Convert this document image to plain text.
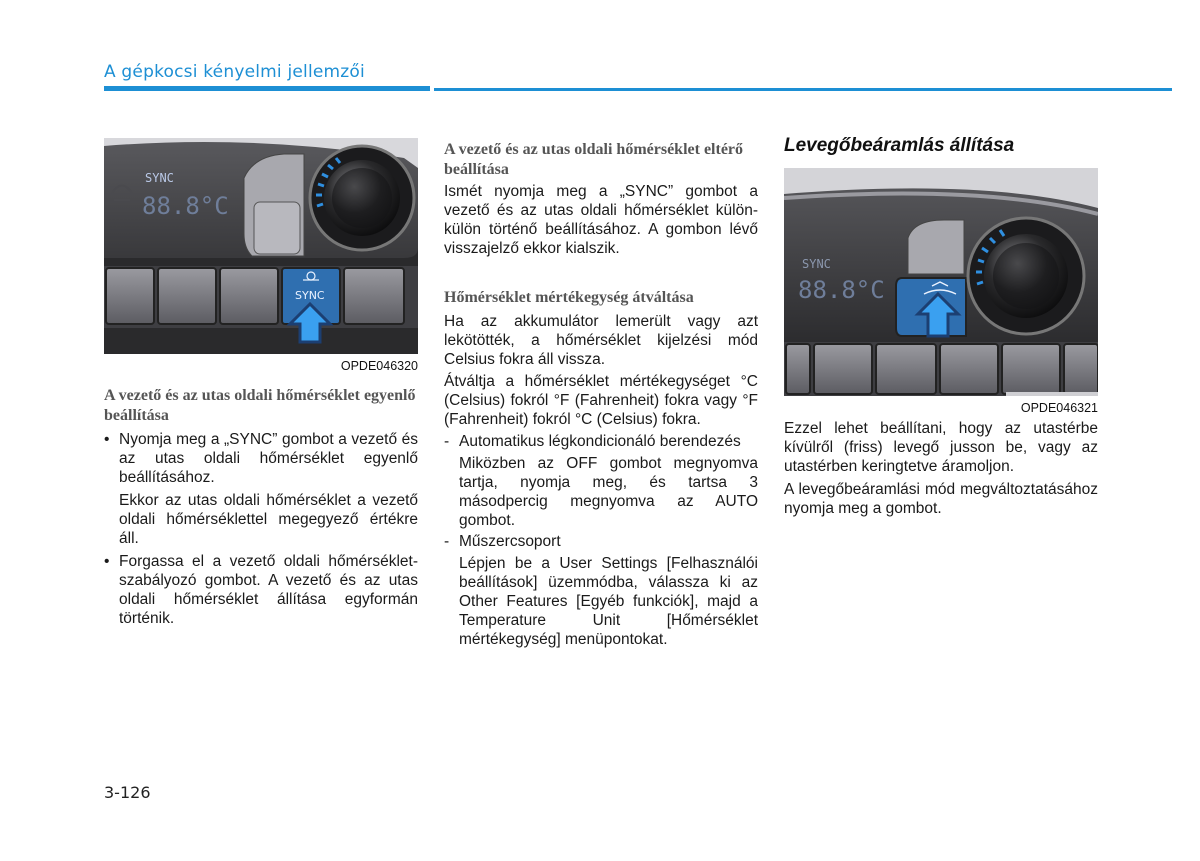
A gépkocsi kényelmi jellemzői
SYNC
88.8°C
SYNC
OPDE046320
A vezető és az utas oldali hőmérséklet egyenlő beállítása
• Nyomja meg a „SYNC” gombot a vezető és az utas oldali hőmérséklet egyenlő beállításához.
Ekkor az utas oldali hőmérséklet a vezető oldali hőmérséklettel megegyező értékre áll.
• Forgassa el a vezető oldali hőmérséklet-szabályozó gombot. A vezető és az utas oldali hőmérséklet állítása egyformán történik.
A vezető és az utas oldali hőmérséklet eltérő beállítása

Ismét nyomja meg a „SYNC” gombot a vezető és az utas oldali hőmérséklet külön-külön történő beállításához. A gombon lévő visszajelző ekkor kialszik.

Hőmérséklet mértékegység átváltása

Ha az akkumulátor lemerült vagy azt lekötötték, a hőmérséklet kijelzési mód Celsius fokra áll vissza.

Átváltja a hőmérséklet mértékegységet °C (Celsius) fokról °F (Fahrenheit) fokra vagy °F (Fahrenheit) fokról °C (Celsius) fokra.

- Automatikus légkondicionáló berendezés
Miközben az OFF gombot megnyomva tartja, nyomja meg, és tartsa 3 másodpercig megnyomva az AUTO gombot.
- Műszercsoport
Lépjen be a User Settings [Felhasználói beállítások] üzemmódba, válassza ki az Other Features [Egyéb funkciók], majd a Temperature Unit [Hőmérséklet mértékegység] menüpontokat.
Levegőbeáramlás állítása
SYNC
88.8°C
OPDE046321

Ezzel lehet beállítani, hogy az utastérbe kívülről (friss) levegő jusson be, vagy az utastérben keringtetve áramoljon.

A levegőbeáramlási mód megváltoztatásához nyomja meg a gombot.

3-126
